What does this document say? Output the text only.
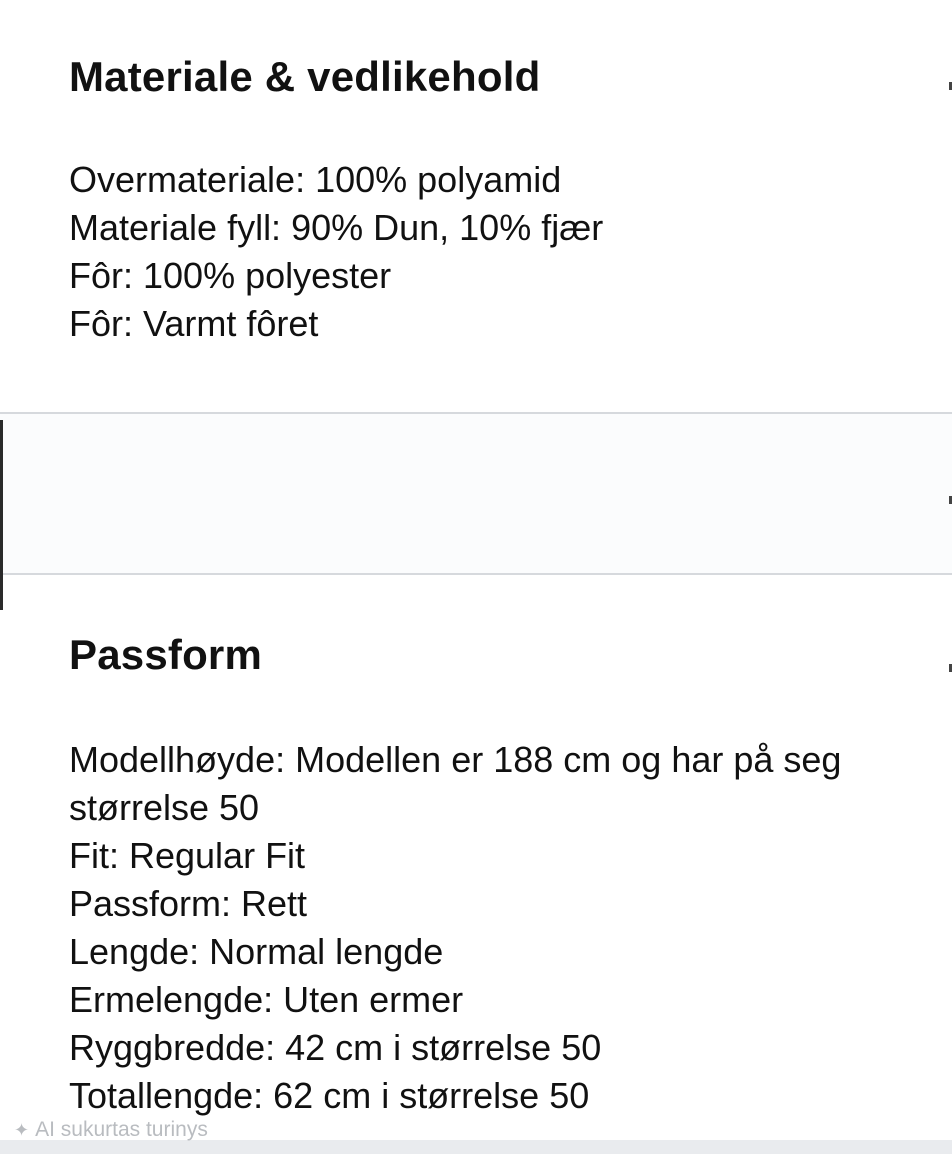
Materiale & vedlikehold
Overmateriale: 100% polyamid
Materiale fyll: 90% Dun, 10% fjær
Fôr: 100% polyester
Fôr: Varmt fôret
Passform
Modellhøyde: Modellen er 188 cm og har på seg
størrelse 50
Fit: Regular Fit
Passform: Rett
Lengde: Normal lengde
Ermelengde: Uten ermer
Ryggbredde: 42 cm i størrelse 50
Totallengde: 62 cm i størrelse 50
✦ AI sukurtas turinys
